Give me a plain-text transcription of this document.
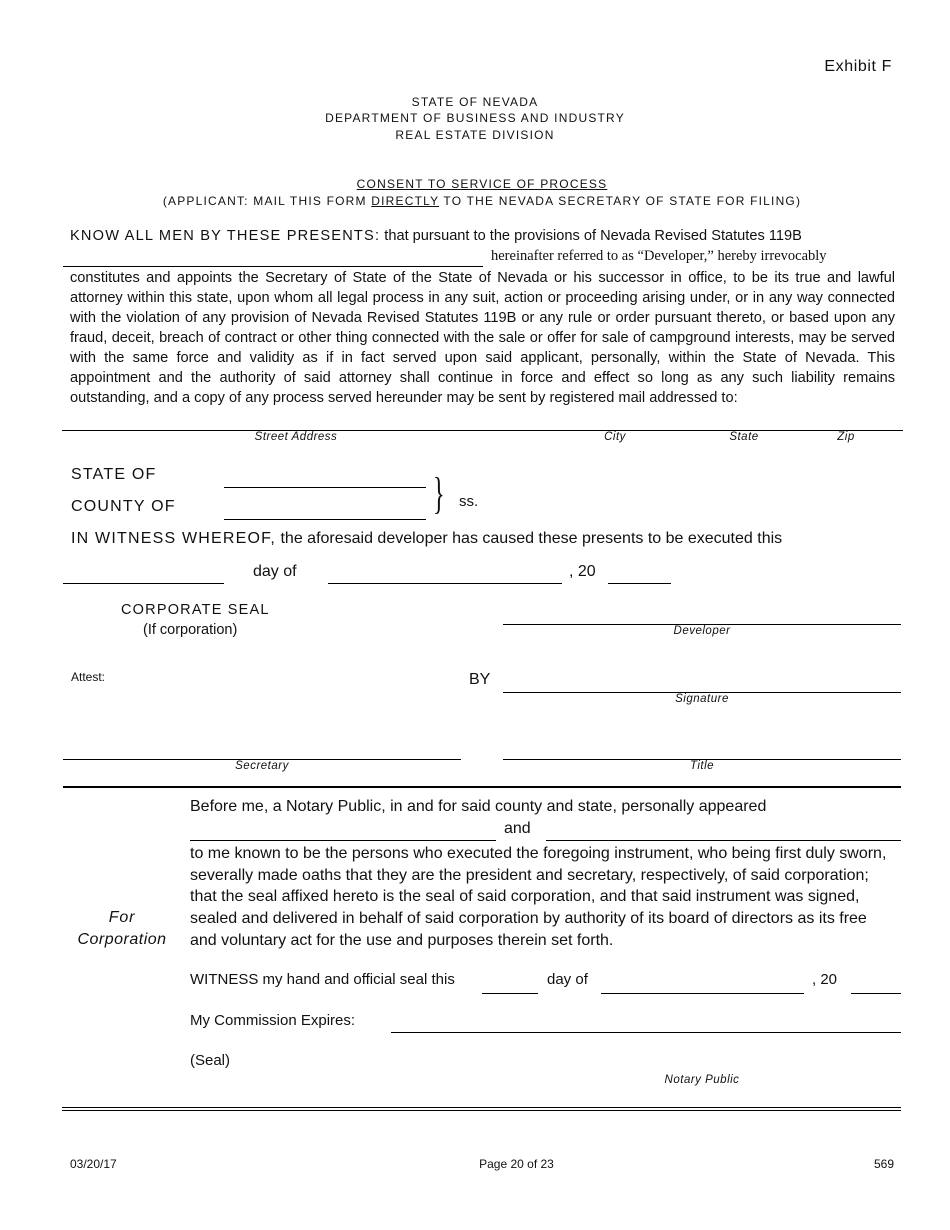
Exhibit F
STATE OF NEVADA
DEPARTMENT OF BUSINESS AND INDUSTRY
REAL ESTATE DIVISION
CONSENT TO SERVICE OF PROCESS
(APPLICANT: MAIL THIS FORM DIRECTLY TO THE NEVADA SECRETARY OF STATE FOR FILING)
KNOW ALL MEN BY THESE PRESENTS: that pursuant to the provisions of Nevada Revised Statutes 119B
hereinafter referred to as “Developer,” hereby irrevocably
constitutes and appoints the Secretary of State of the State of Nevada or his successor in office, to be its true and lawful attorney within this state, upon whom all legal process in any suit, action or proceeding arising under, or in any way connected with the violation of any provision of Nevada Revised Statutes 119B or any rule or order pursuant thereto, or based upon any fraud, deceit, breach of contract or other thing connected with the sale or offer for sale of campground interests, may be served with the same force and validity as if in fact served upon said applicant, personally, within the State of Nevada. This appointment and the authority of said attorney shall continue in force and effect so long as any such liability remains outstanding, and a copy of any process served hereunder may be sent by registered mail addressed to:
Street Address	City	State	Zip
STATE OF
COUNTY OF	} ss.
IN WITNESS WHEREOF, the aforesaid developer has caused these presents to be executed this
day of	, 20
CORPORATE SEAL
(If corporation)	Developer
Attest:	BY
Signature
Secretary	Title
For
Corporation
Before me, a Notary Public, in and for said county and state, personally appeared
and
to me known to be the persons who executed the foregoing instrument, who being first duly sworn, severally made oaths that they are the president and secretary, respectively, of said corporation; that the seal affixed hereto is the seal of said corporation, and that said instrument was signed, sealed and delivered in behalf of said corporation by authority of its board of directors as its free and voluntary act for the use and purposes therein set forth.
WITNESS my hand and official seal this	day of	, 20
My Commission Expires:
(Seal)
Notary Public
03/20/17	Page 20 of 23	569
